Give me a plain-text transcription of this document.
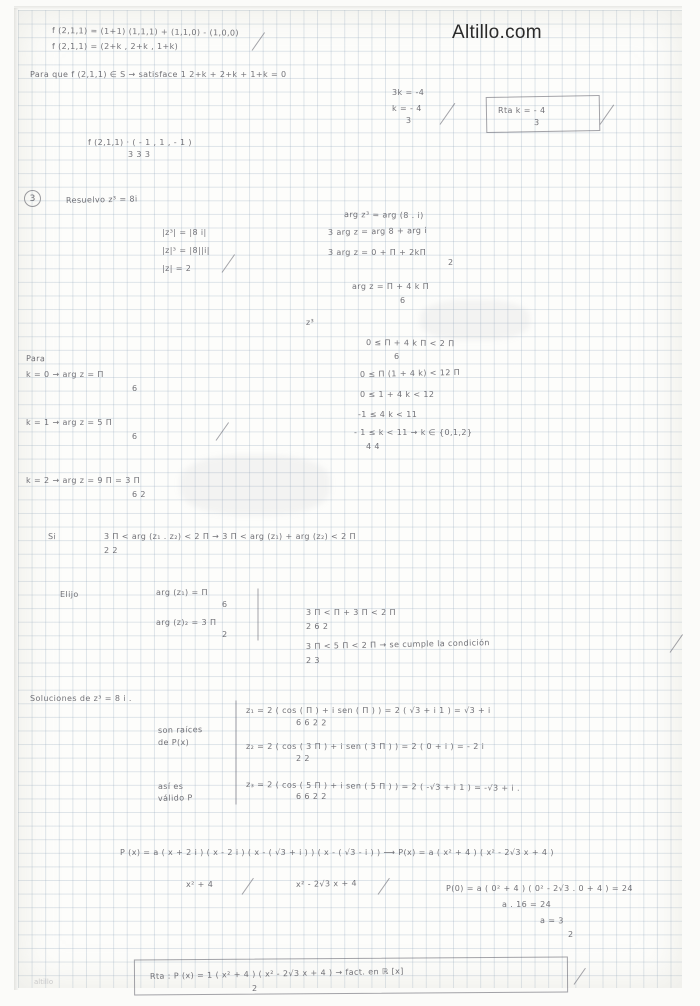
Altillo.com
3
f (2,1,1) = (1+1) (1,1,1) + (1,1,0) - (1,0,0)
f (2,1,1) = (2+k , 2+k , 1+k)
Para que f (2,1,1) ∈ S → satisface 1 2+k + 2+k + 1+k = 0
3k = -4
k = - 4
3
Rta k = - 4
3
f (2,1,1) · ( - 1 , 1 , - 1 )
3 3 3
Resuelvo z³ = 8i
|z³| = |8 i|
|z|³ = |8||i|
|z| = 2
arg z³ = arg (8 . i)
3 arg z = arg 8 + arg i
3 arg z = 0 + Π + 2kΠ
2
arg z = Π + 4 k Π
6
z³
Para
k = 0 → arg z = Π
6
k = 1 → arg z = 5 Π
6
k = 2 → arg z = 9 Π = 3 Π
6 2
0 ≤ Π + 4 k Π < 2 Π
6
0 ≤ Π (1 + 4 k) < 12 Π
0 ≤ 1 + 4 k < 12
-1 ≤ 4 k < 11
- 1 ≤ k < 11 → k ∈ {0,1,2}
4 4
Si	3 Π < arg (z₁ . z₂) < 2 Π → 3 Π < arg (z₁) + arg (z₂) < 2 Π
2 2
Elijo	arg (z₁) = Π
6
arg (z)₂ = 3 Π
2
3 Π < Π + 3 Π < 2 Π
2 6 2
3 Π < 5 Π < 2 Π → se cumple la condición
2 3
Soluciones de z³ = 8 i .
z₁ = 2 ( cos ( Π ) + i sen ( Π ) ) = 2 ( √3 + i 1 ) = √3 + i
6 6 2 2
son raíces
de P(x)	z₂ = 2 ( cos ( 3 Π ) + i sen ( 3 Π ) ) = 2 ( 0 + i ) = - 2 i
2 2
así es
válido P
z₃ = 2 ( cos ( 5 Π ) + i sen ( 5 Π ) ) = 2 ( -√3 + i 1 ) = -√3 + i .
6 6 2 2
P (x) = a ( x + 2 i ) ( x - 2 i ) ( x - ( √3 + i ) ) ( x - ( √3 - i ) ) ⟶ P(x) = a ( x² + 4 ) ( x² - 2√3 x + 4 )
x² + 4	x² - 2√3 x + 4	P(0) = a ( 0² + 4 ) ( 0² - 2√3 . 0 + 4 ) = 24
a . 16 = 24
a = 3
2
Rta : P (x) = 1 ( x² + 4 ) ( x² - 2√3 x + 4 ) → fact. en ℝ [x]
2
altillo
